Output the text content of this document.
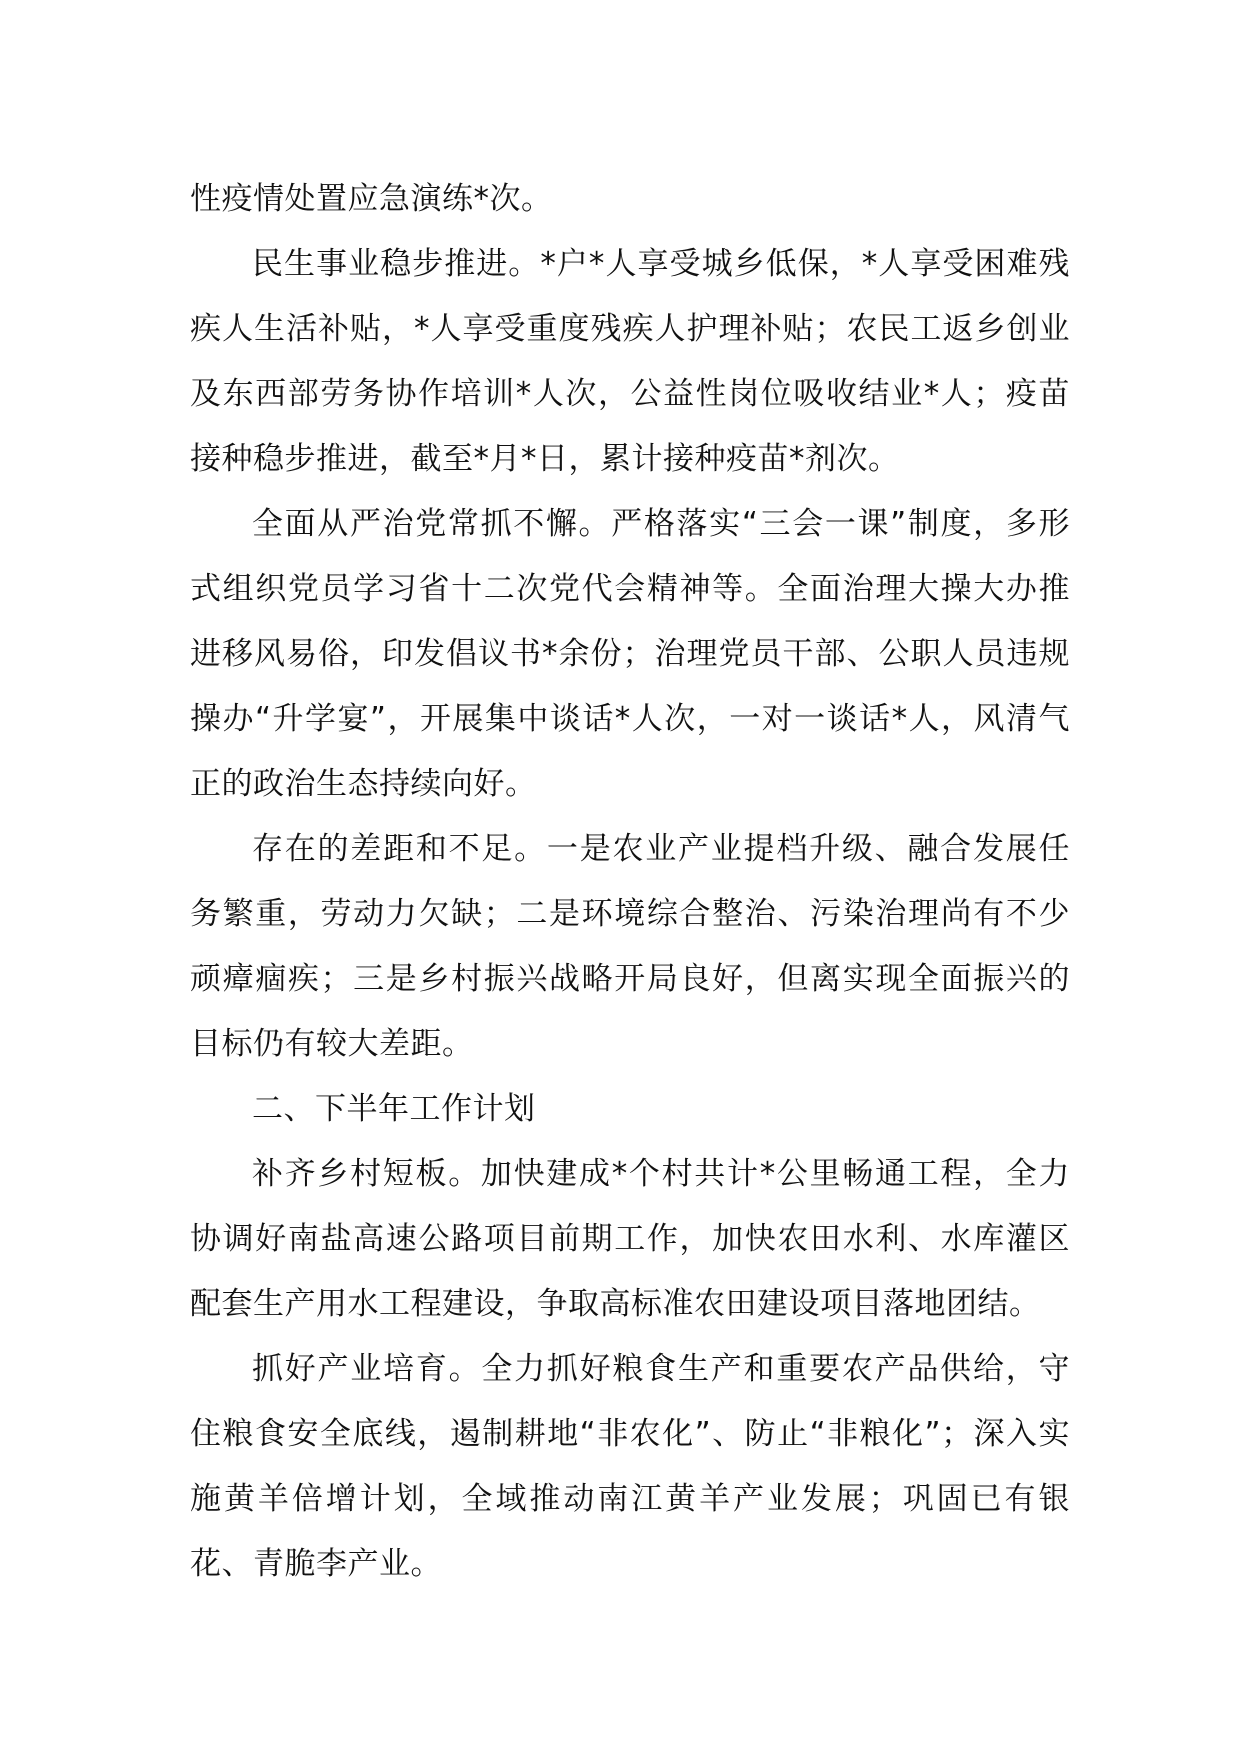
性疫情处置应急演练*次。

民生事业稳步推进。*户*人享受城乡低保，*人享受困难残疾人生活补贴，*人享受重度残疾人护理补贴；农民工返乡创业及东西部劳务协作培训*人次，公益性岗位吸收结业*人；疫苗接种稳步推进，截至*月*日，累计接种疫苗*剂次。

全面从严治党常抓不懈。严格落实“三会一课”制度，多形式组织党员学习省十二次党代会精神等。全面治理大操大办推进移风易俗，印发倡议书*余份；治理党员干部、公职人员违规操办“升学宴”，开展集中谈话*人次，一对一谈话*人，风清气正的政治生态持续向好。

存在的差距和不足。一是农业产业提档升级、融合发展任务繁重，劳动力欠缺；二是环境综合整治、污染治理尚有不少顽瘴痼疾；三是乡村振兴战略开局良好，但离实现全面振兴的目标仍有较大差距。

二、下半年工作计划

补齐乡村短板。加快建成*个村共计*公里畅通工程，全力协调好南盐高速公路项目前期工作，加快农田水利、水库灌区配套生产用水工程建设，争取高标准农田建设项目落地团结。

抓好产业培育。全力抓好粮食生产和重要农产品供给，守住粮食安全底线，遏制耕地“非农化”、防止“非粮化”；深入实施黄羊倍增计划，全域推动南江黄羊产业发展；巩固已有银花、青脆李产业。
